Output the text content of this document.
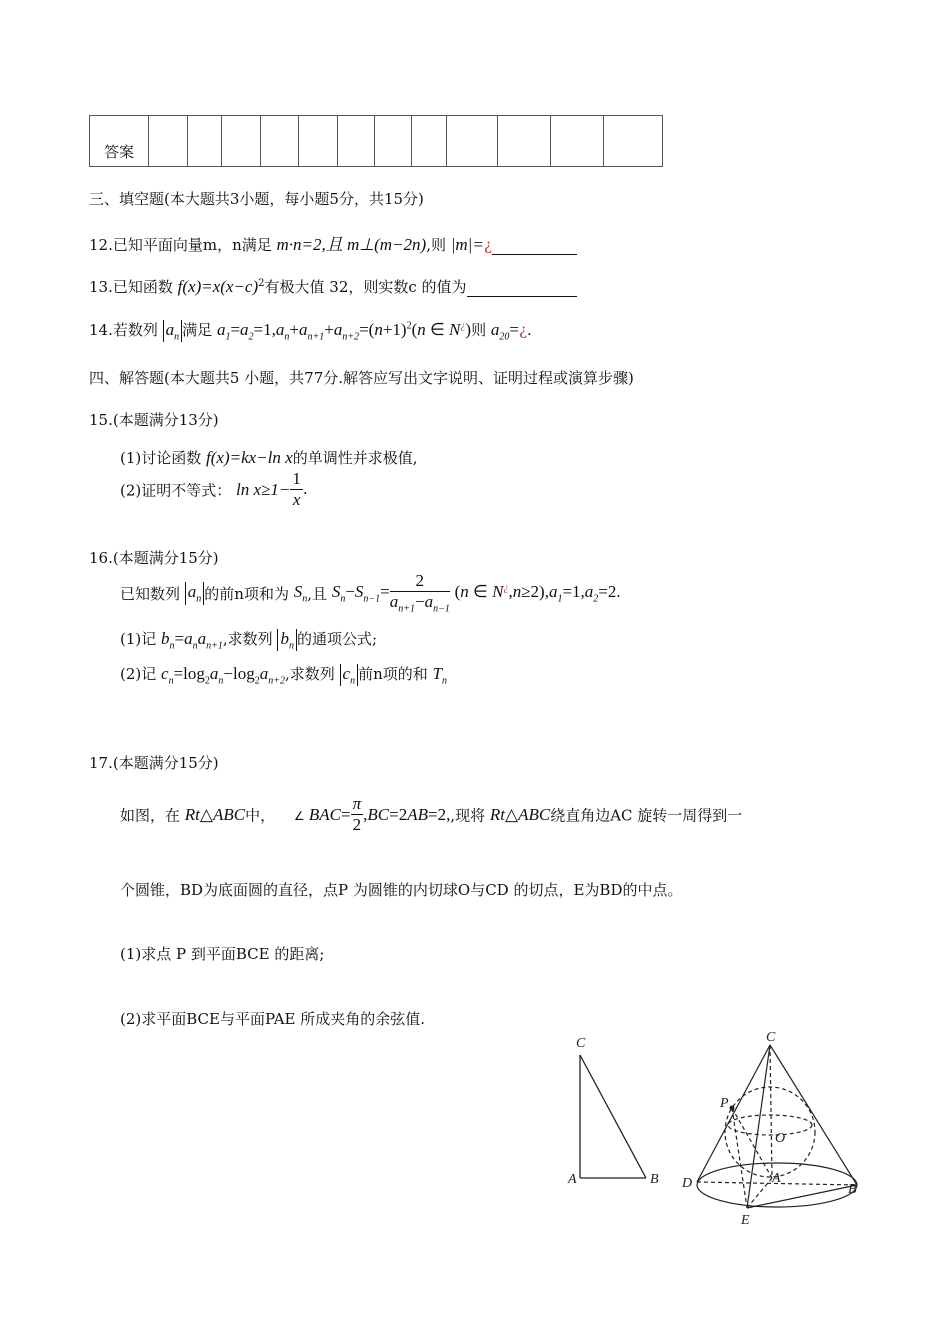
答案												
三、填空题(本大题共3小题，每小题5分，共15分)
12.已知平面向量m，n满足 m·n=2,且 m⊥(m−2n),则 |m|=¿
13.已知函数 $f(x)=x(x-c)^2$有极大值 32，则实数c 的值为
14.若数列 $a_n$ 满足 $a_1=a_2=1,a_n+a_{n+1}+a_{n+2}=(n+1)^2(n$ ∈ N¿)则 $a_{20}=¿$.
四、解答题(本大题共5 小题，共77分.解答应写出文字说明、证明过程或演算步骤)
15.(本题满分13分)
(1)讨论函数 f(x)=kx−ln x的单调性并求极值,
(2)证明不等式： $\ln x\ge 1- \frac{1}{x}$ .
16.(本题满分15分)
已知数列 $a_n$ 的前n项和为 $S_n$,且 $S_n-S_{n-1}= \frac{2}{a_{n+1}-a_{n-1}} (n$ ∈ $N^¿,n\ge 2),a_1=1,a_2=2$.
(1)记 $b_n=a_na_{n+1}$,求数列 $b_n$ 的通项公式;
(2)记 $c_n=\log_2a_n-\log_2a_{n+2}$,求数列 $c_n$ 前n项的和 $T_n$
17.(本题满分15分)
如图，在 Rt△ABC中， ∠ $BAC= \frac{\pi}{2} ,BC=2AB=2$,,现将 Rt△ABC绕直角边AC 旋转一周得到一
个圆锥，BD为底面圆的直径，点P 为圆锥的内切球O与CD 的切点，E为BD的中点。
(1)求点 P 到平面BCE 的距离;
(2)求平面BCE与平面PAE 所成夹角的余弦值.
C
A	B
C
P
O
D	A
B
E
